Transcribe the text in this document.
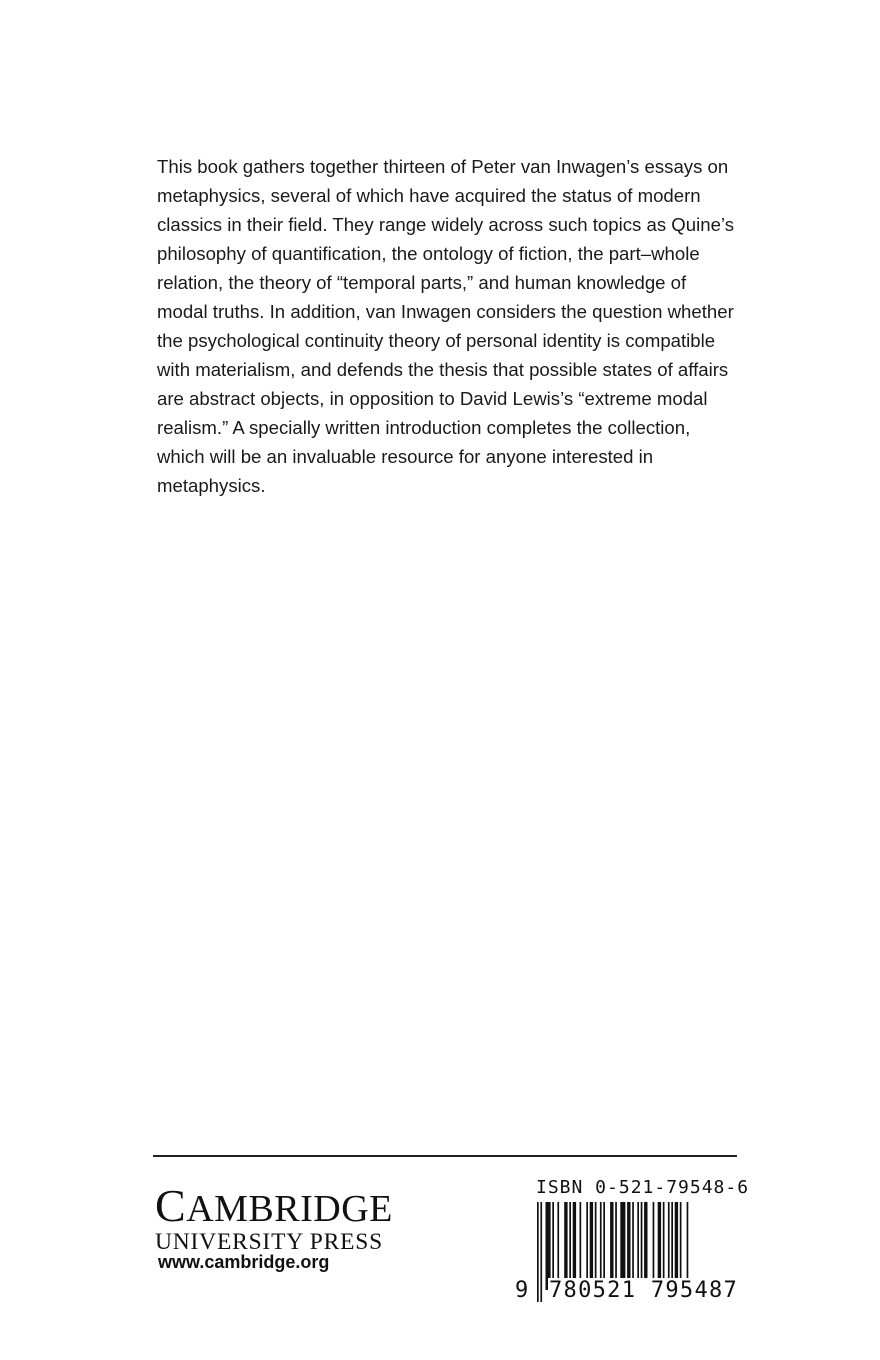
This book gathers together thirteen of Peter van Inwagen’s essays on
metaphysics, several of which have acquired the status of modern
classics in their field. They range widely across such topics as Quine’s
philosophy of quantification, the ontology of fiction, the part–whole
relation, the theory of “temporal parts,” and human knowledge of
modal truths. In addition, van Inwagen considers the question whether
the psychological continuity theory of personal identity is compatible
with materialism, and defends the thesis that possible states of affairs
are abstract objects, in opposition to David Lewis’s “extreme modal
realism.” A specially written introduction completes the collection,
which will be an invaluable resource for anyone interested in
metaphysics.
CAMBRIDGE
UNIVERSITY PRESS
www.cambridge.org
ISBN 0-521-79548-6
9 780521 795487
